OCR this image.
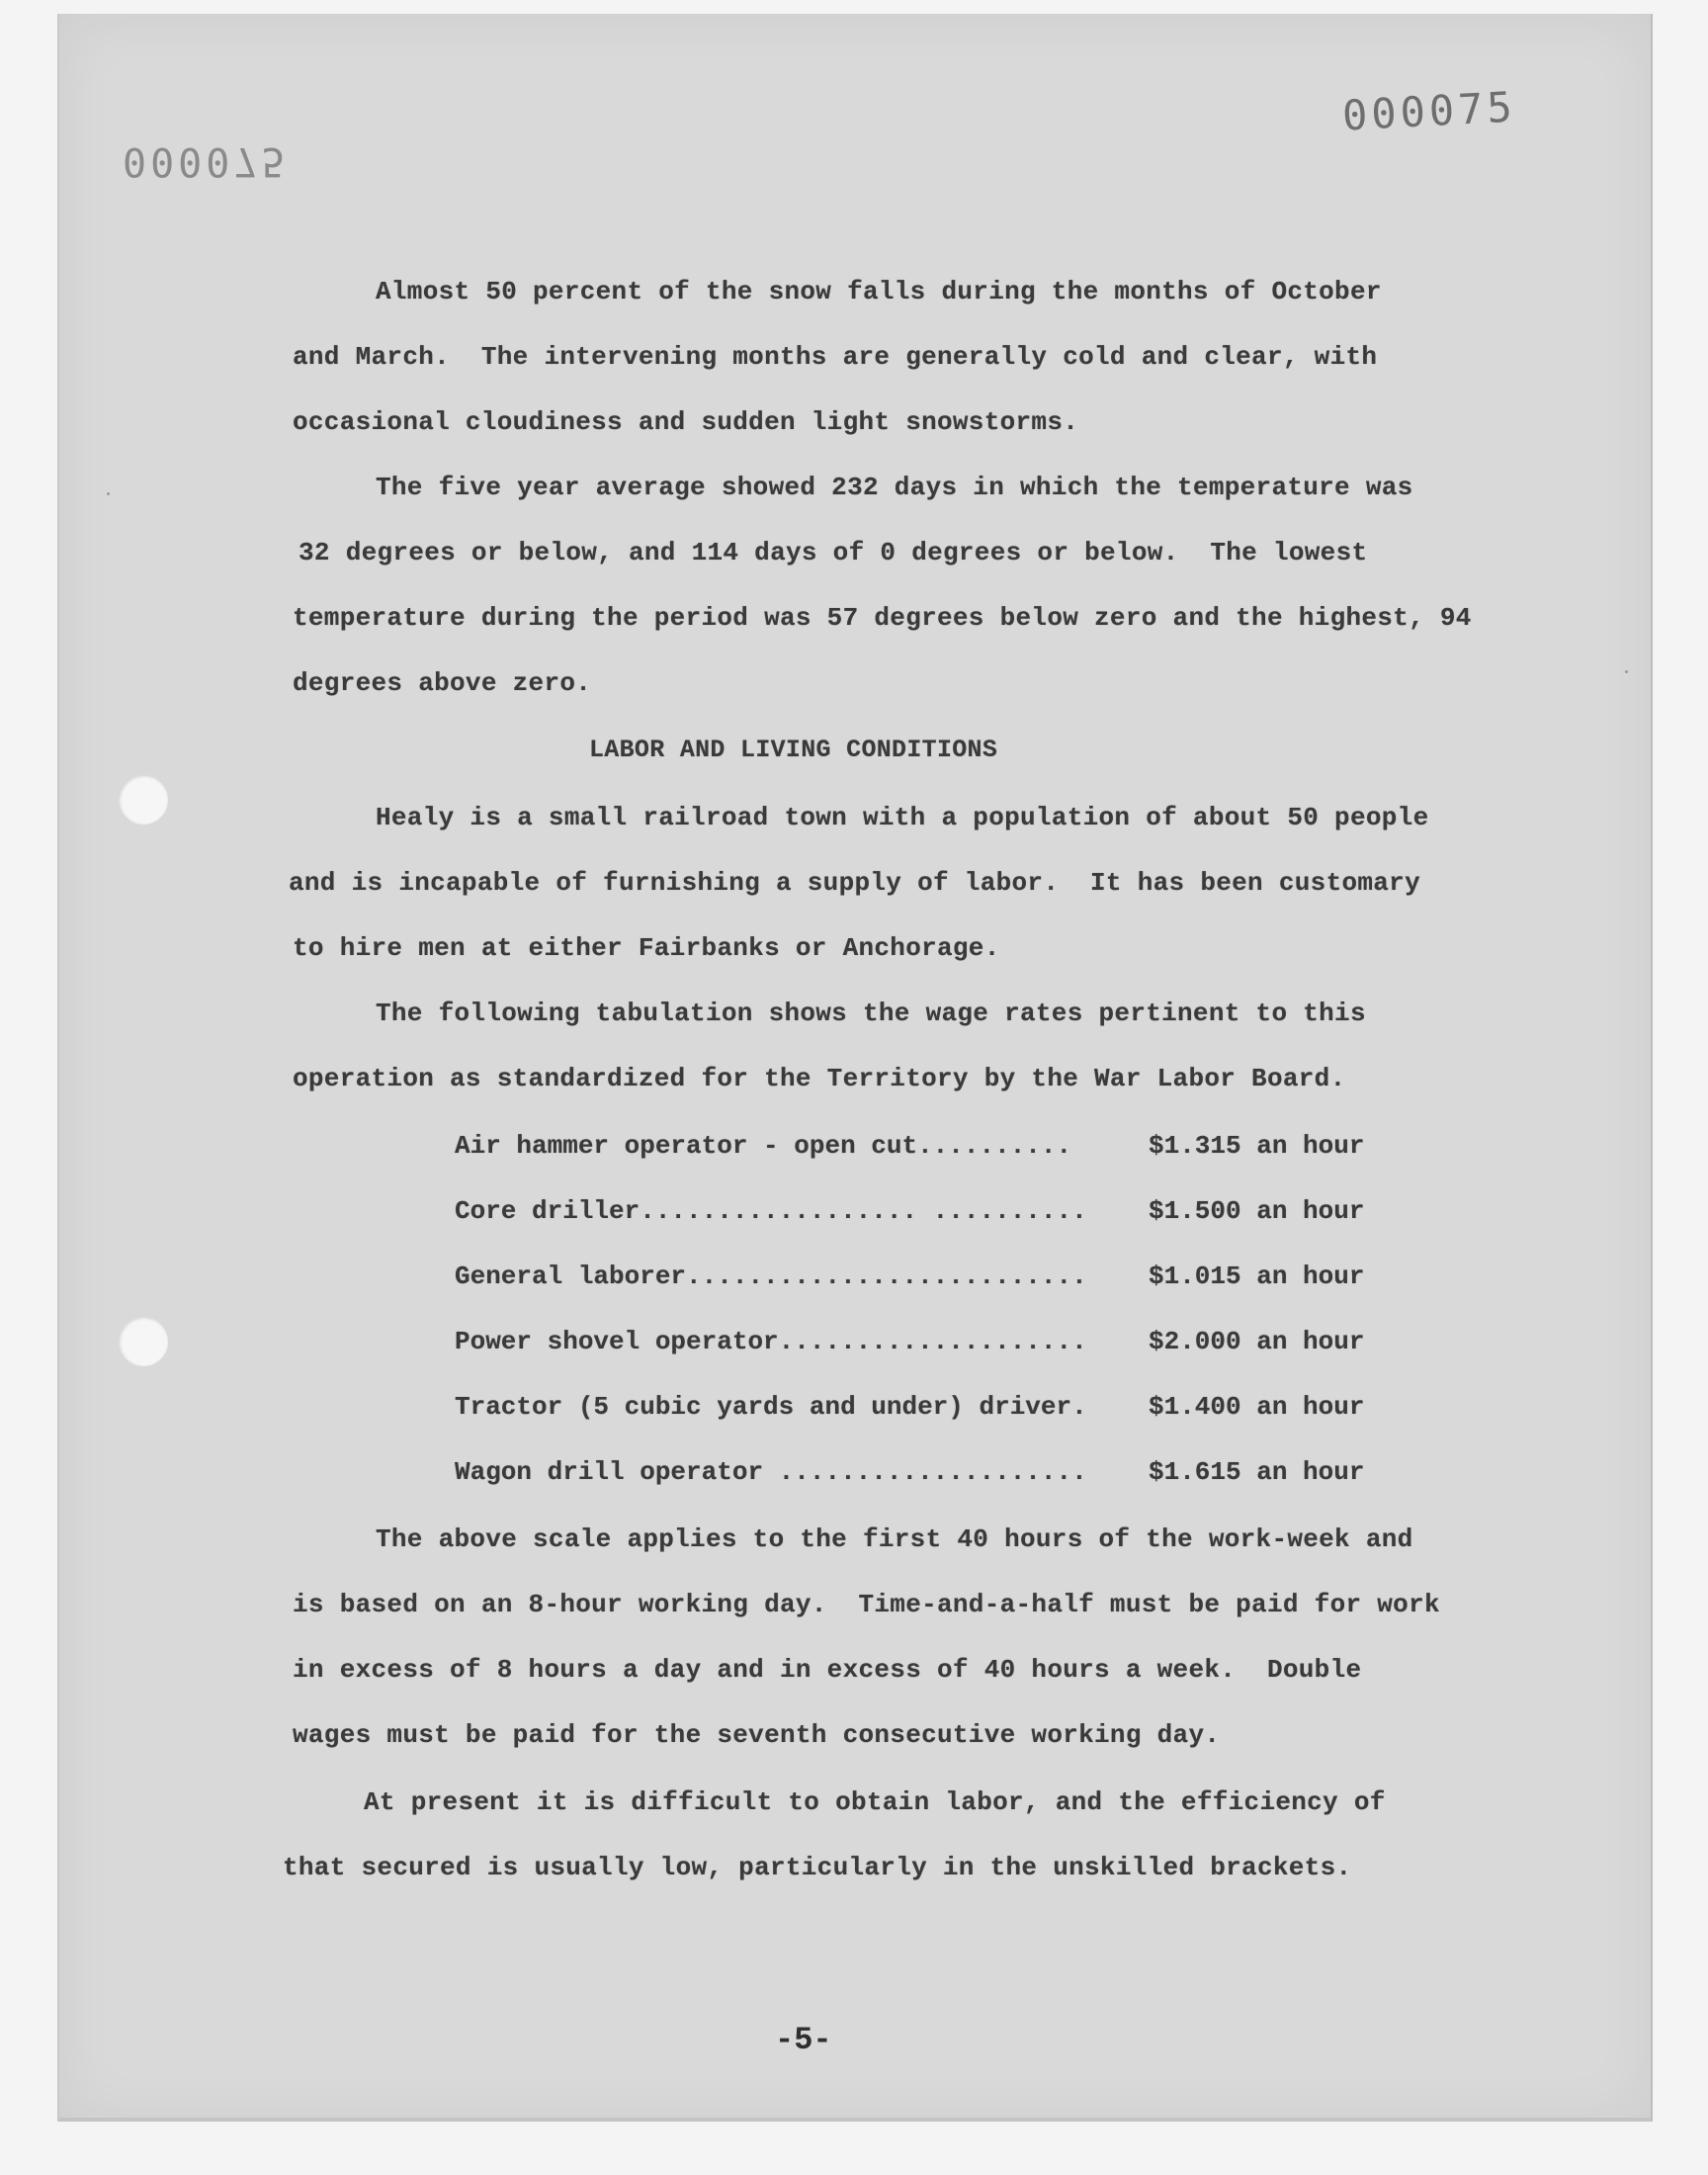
000075
000075
Almost 50 percent of the snow falls during the months of October
and March.  The intervening months are generally cold and clear, with
occasional cloudiness and sudden light snowstorms.
The five year average showed 232 days in which the temperature was
32 degrees or below, and 114 days of 0 degrees or below.  The lowest
temperature during the period was 57 degrees below zero and the highest, 94
degrees above zero.
LABOR AND LIVING CONDITIONS
Healy is a small railroad town with a population of about 50 people
and is incapable of furnishing a supply of labor.  It has been customary
to hire men at either Fairbanks or Anchorage.
The following tabulation shows the wage rates pertinent to this
operation as standardized for the Territory by the War Labor Board.
Air hammer operator - open cut..........	$1.315 an hour
Core driller.................. .......... $1.500 an hour
General laborer.......................... $1.015 an hour
Power shovel operator.................... $2.000 an hour
Tractor (5 cubic yards and under) driver. $1.400 an hour
Wagon drill operator .................... $1.615 an hour
The above scale applies to the first 40 hours of the work-week and
is based on an 8-hour working day.  Time-and-a-half must be paid for work
in excess of 8 hours a day and in excess of 40 hours a week.  Double
wages must be paid for the seventh consecutive working day.
At present it is difficult to obtain labor, and the efficiency of
that secured is usually low, particularly in the unskilled brackets.
-5-
